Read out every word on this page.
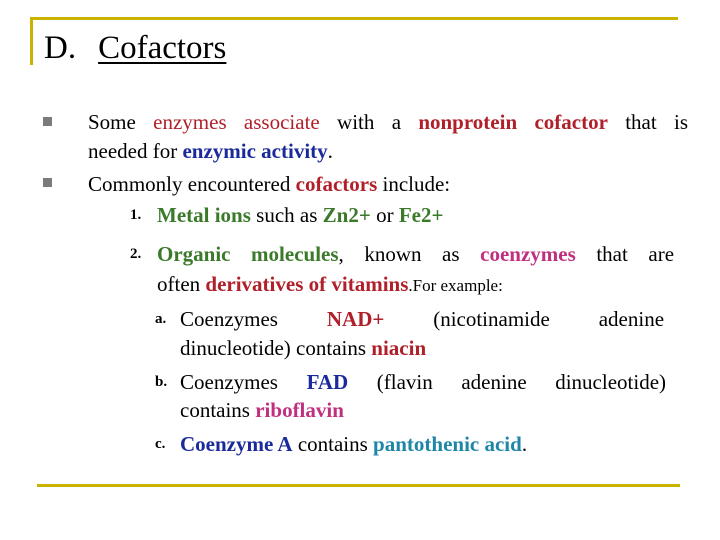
D. Cofactors
Some enzymes associate with a nonprotein cofactor that is
needed for enzymic activity.
Commonly encountered cofactors include:
1. Metal ions such as Zn2+ or Fe2+
2. Organic molecules, known as coenzymes that are
often derivatives of vitamins.For example:
a. Coenzymes NAD+ (nicotinamide adenine
dinucleotide) contains niacin
b. Coenzymes FAD (flavin adenine dinucleotide)
contains riboflavin
c. Coenzyme A contains pantothenic acid.
